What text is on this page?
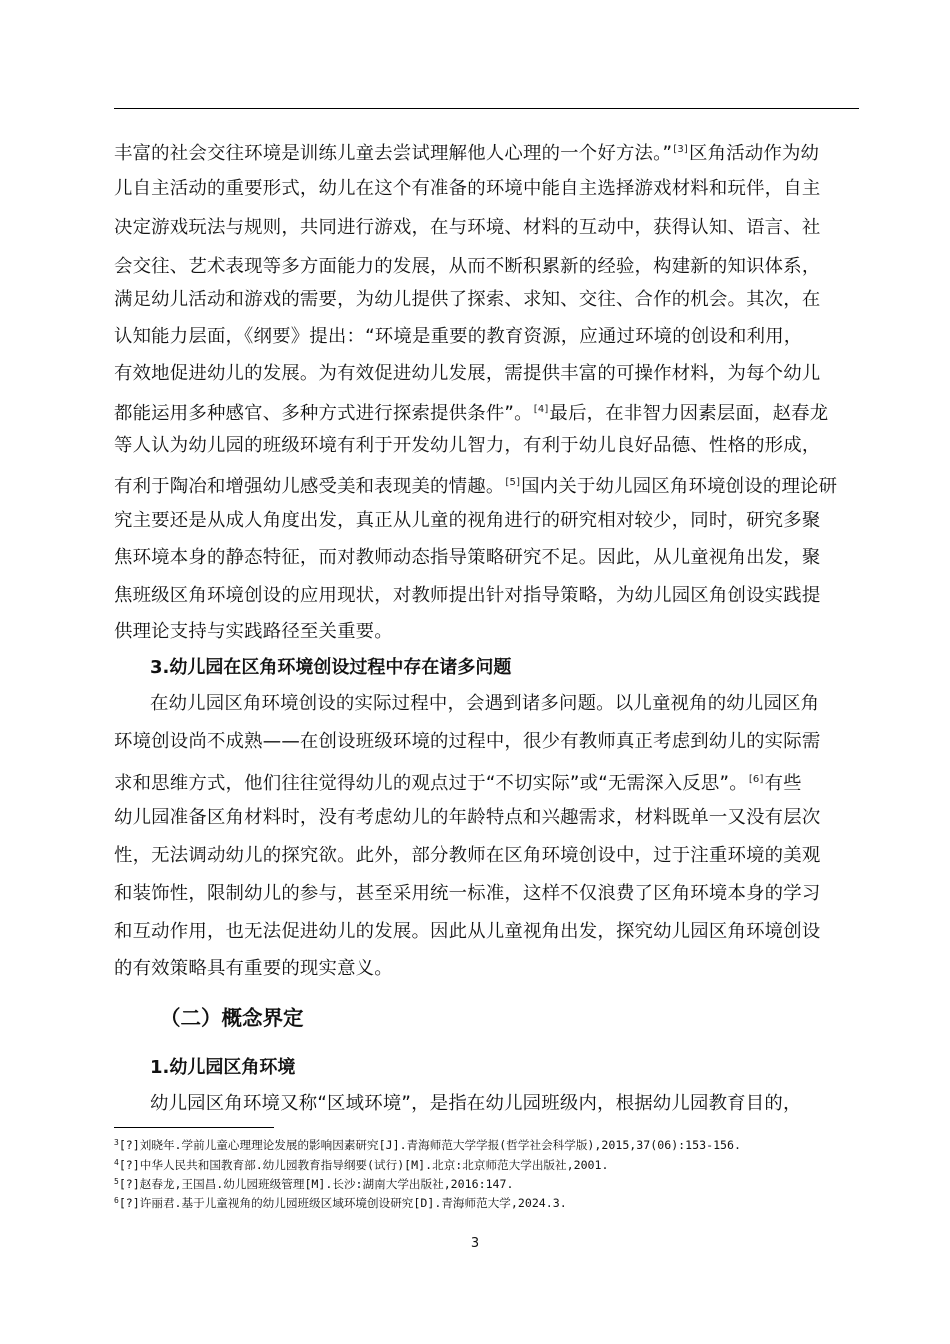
丰富的社会交往环境是训练儿童去尝试理解他人心理的一个好方法。”[3]区角活动作为幼
儿自主活动的重要形式，幼儿在这个有准备的环境中能自主选择游戏材料和玩伴，自主
决定游戏玩法与规则，共同进行游戏，在与环境、材料的互动中，获得认知、语言、社
会交往、艺术表现等多方面能力的发展，从而不断积累新的经验，构建新的知识体系，
满足幼儿活动和游戏的需要，为幼儿提供了探索、求知、交往、合作的机会。其次，在
认知能力层面，《纲要》提出：“环境是重要的教育资源，应通过环境的创设和利用，
有效地促进幼儿的发展。为有效促进幼儿发展，需提供丰富的可操作材料，为每个幼儿
都能运用多种感官、多种方式进行探索提供条件”。[4]最后，在非智力因素层面，赵春龙
等人认为幼儿园的班级环境有利于开发幼儿智力，有利于幼儿良好品德、性格的形成，
有利于陶冶和增强幼儿感受美和表现美的情趣。[5]国内关于幼儿园区角环境创设的理论研
究主要还是从成人角度出发，真正从儿童的视角进行的研究相对较少，同时，研究多聚
焦环境本身的静态特征，而对教师动态指导策略研究不足。因此，从儿童视角出发，聚
焦班级区角环境创设的应用现状，对教师提出针对指导策略，为幼儿园区角创设实践提
供理论支持与实践路径至关重要。
3.幼儿园在区角环境创设过程中存在诸多问题
在幼儿园区角环境创设的实际过程中，会遇到诸多问题。以儿童视角的幼儿园区角
环境创设尚不成熟——在创设班级环境的过程中，很少有教师真正考虑到幼儿的实际需
求和思维方式，他们往往觉得幼儿的观点过于“不切实际”或“无需深入反思”。[6]有些
幼儿园准备区角材料时，没有考虑幼儿的年龄特点和兴趣需求，材料既单一又没有层次
性，无法调动幼儿的探究欲。此外，部分教师在区角环境创设中，过于注重环境的美观
和装饰性，限制幼儿的参与，甚至采用统一标准，这样不仅浪费了区角环境本身的学习
和互动作用，也无法促进幼儿的发展。因此从儿童视角出发，探究幼儿园区角环境创设
的有效策略具有重要的现实意义。
（二）概念界定
1.幼儿园区角环境
幼儿园区角环境又称“区域环境”，是指在幼儿园班级内，根据幼儿园教育目的，
$^3$[?]刘晓年.学前儿童心理理论发展的影响因素研究[J].青海师范大学学报(哲学社会科学版),2015,37(06):153-156.
$^4$[?]中华人民共和国教育部.幼儿园教育指导纲要(试行)[M].北京:北京师范大学出版社,2001.
$^5$[?]赵春龙,王国昌.幼儿园班级管理[M].长沙:湖南大学出版社,2016:147.
$^6$[?]许丽君.基于儿童视角的幼儿园班级区域环境创设研究[D].青海师范大学,2024.3.
3
